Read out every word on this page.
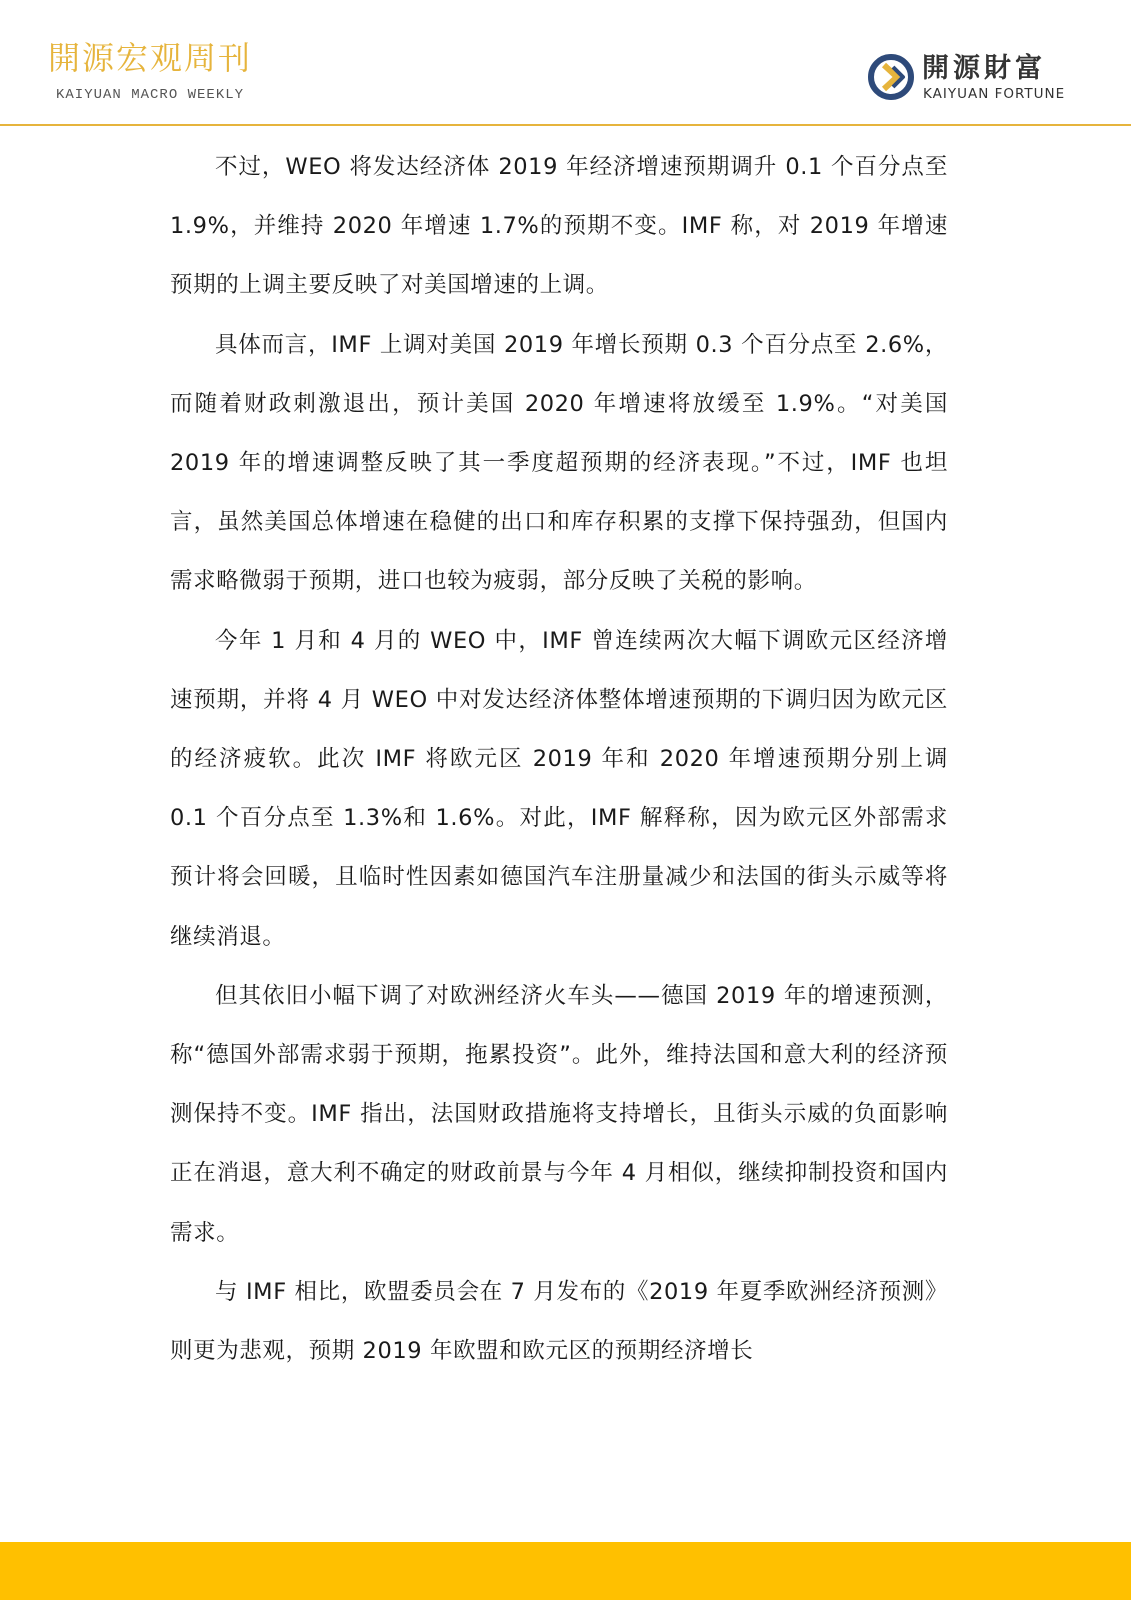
開源宏观周刊
KAIYUAN MACRO WEEKLY
開源財富
KAIYUAN FORTUNE

不过，WEO 将发达经济体 2019 年经济增速预期调升 0.1 个百分点至 1.9%，并维持 2020 年增速 1.7%的预期不变。IMF 称，对 2019 年增速预期的上调主要反映了对美国增速的上调。

具体而言，IMF 上调对美国 2019 年增长预期 0.3 个百分点至 2.6%，而随着财政刺激退出，预计美国 2020 年增速将放缓至 1.9%。“对美国 2019 年的增速调整反映了其一季度超预期的经济表现。”不过，IMF 也坦言，虽然美国总体增速在稳健的出口和库存积累的支撑下保持强劲，但国内需求略微弱于预期，进口也较为疲弱，部分反映了关税的影响。

今年 1 月和 4 月的 WEO 中，IMF 曾连续两次大幅下调欧元区经济增速预期，并将 4 月 WEO 中对发达经济体整体增速预期的下调归因为欧元区的经济疲软。此次 IMF 将欧元区 2019 年和 2020 年增速预期分别上调 0.1 个百分点至 1.3%和 1.6%。对此，IMF 解释称，因为欧元区外部需求预计将会回暖，且临时性因素如德国汽车注册量减少和法国的街头示威等将继续消退。

但其依旧小幅下调了对欧洲经济火车头——德国 2019 年的增速预测，称“德国外部需求弱于预期，拖累投资”。此外，维持法国和意大利的经济预测保持不变。IMF 指出，法国财政措施将支持增长，且街头示威的负面影响正在消退，意大利不确定的财政前景与今年 4 月相似，继续抑制投资和国内需求。

与 IMF 相比，欧盟委员会在 7 月发布的《2019 年夏季欧洲经济预测》则更为悲观，预期 2019 年欧盟和欧元区的预期经济增长
